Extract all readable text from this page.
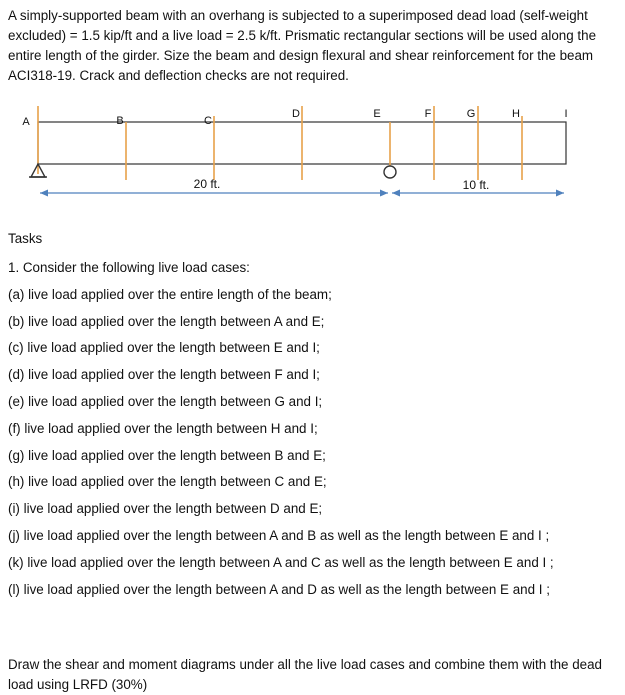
A simply-supported beam with an overhang is subjected to a superimposed dead load (self-weight excluded) = 1.5 kip/ft and a live load = 2.5 k/ft. Prismatic rectangular sections will be used along the entire length of the girder. Size the beam and design flexural and shear reinforcement for the beam ACI318-19. Crack and deflection checks are not required.

A	B	C
D	E	F	G	H	I
20 ft.	10 ft.

Tasks

1. Consider the following live load cases:

(a) live load applied over the entire length of the beam;

(b) live load applied over the length between A and E;

(c) live load applied over the length between E and I;

(d) live load applied over the length between F and I;

(e) live load applied over the length between G and I;

(f) live load applied over the length between H and I;

(g) live load applied over the length between B and E;

(h) live load applied over the length between C and E;

(i) live load applied over the length between D and E;

(j) live load applied over the length between A and B as well as the length between E and I ;

(k) live load applied over the length between A and C as well as the length between E and I ;

(l) live load applied over the length between A and D as well as the length between E and I ;

Draw the shear and moment diagrams under all the live load cases and combine them with the dead load using LRFD (30%)
